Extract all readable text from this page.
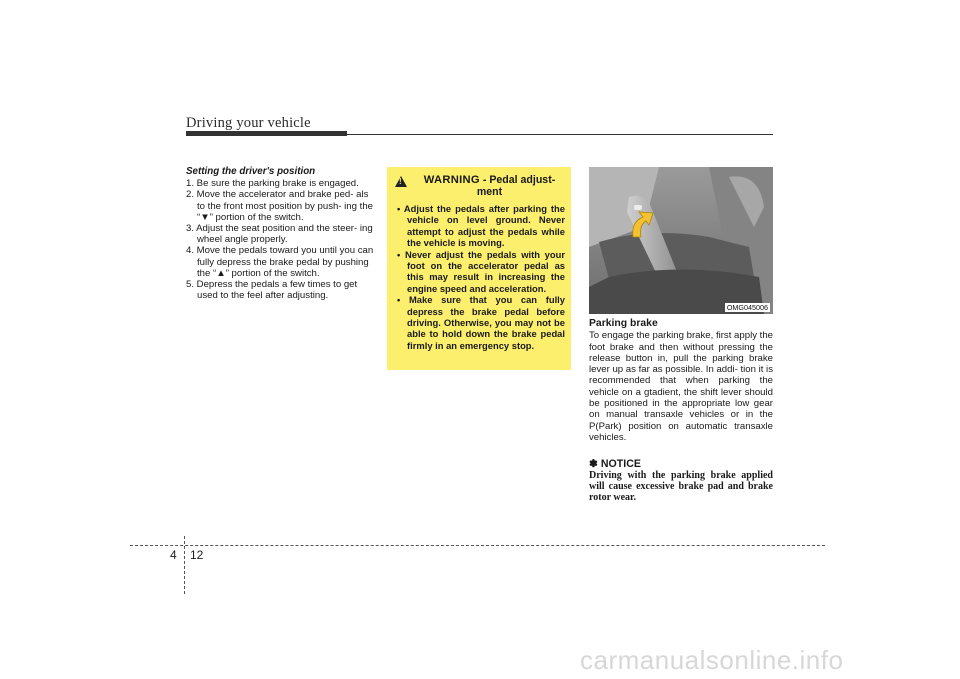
Driving your vehicle
Setting the driver's position
1. Be sure the parking brake is engaged.
2. Move the accelerator and brake ped- als to the front most position by push- ing the “▼” portion of the switch.
3. Adjust the seat position and the steer- ing wheel angle properly.
4. Move the pedals toward you until you can fully depress the brake pedal by pushing the “▲” portion of the switch.
5. Depress the pedals a few times to get used to the feel after adjusting.
!
WARNING - Pedal adjust- ment
• Adjust the pedals after parking the vehicle on level ground. Never attempt to adjust the pedals while the vehicle is moving.
• Never adjust the pedals with your foot on the accelerator pedal as this may result in increasing the engine speed and acceleration.
• Make sure that you can fully depress the brake pedal before driving. Otherwise, you may not be able to hold down the brake pedal firmly in an emergency stop.
OMG045006
Parking brake
To engage the parking brake, first apply the foot brake and then without pressing the release button in, pull the parking brake lever up as far as possible. In addi- tion it is recommended that when parking the vehicle on a gtadient, the shift lever should be positioned in the appropriate low gear on manual transaxle vehicles or in the P(Park) position on automatic transaxle vehicles.
✽ NOTICE
Driving with the parking brake applied will cause excessive brake pad and brake rotor wear.
4 12
carmanualsonline.info
